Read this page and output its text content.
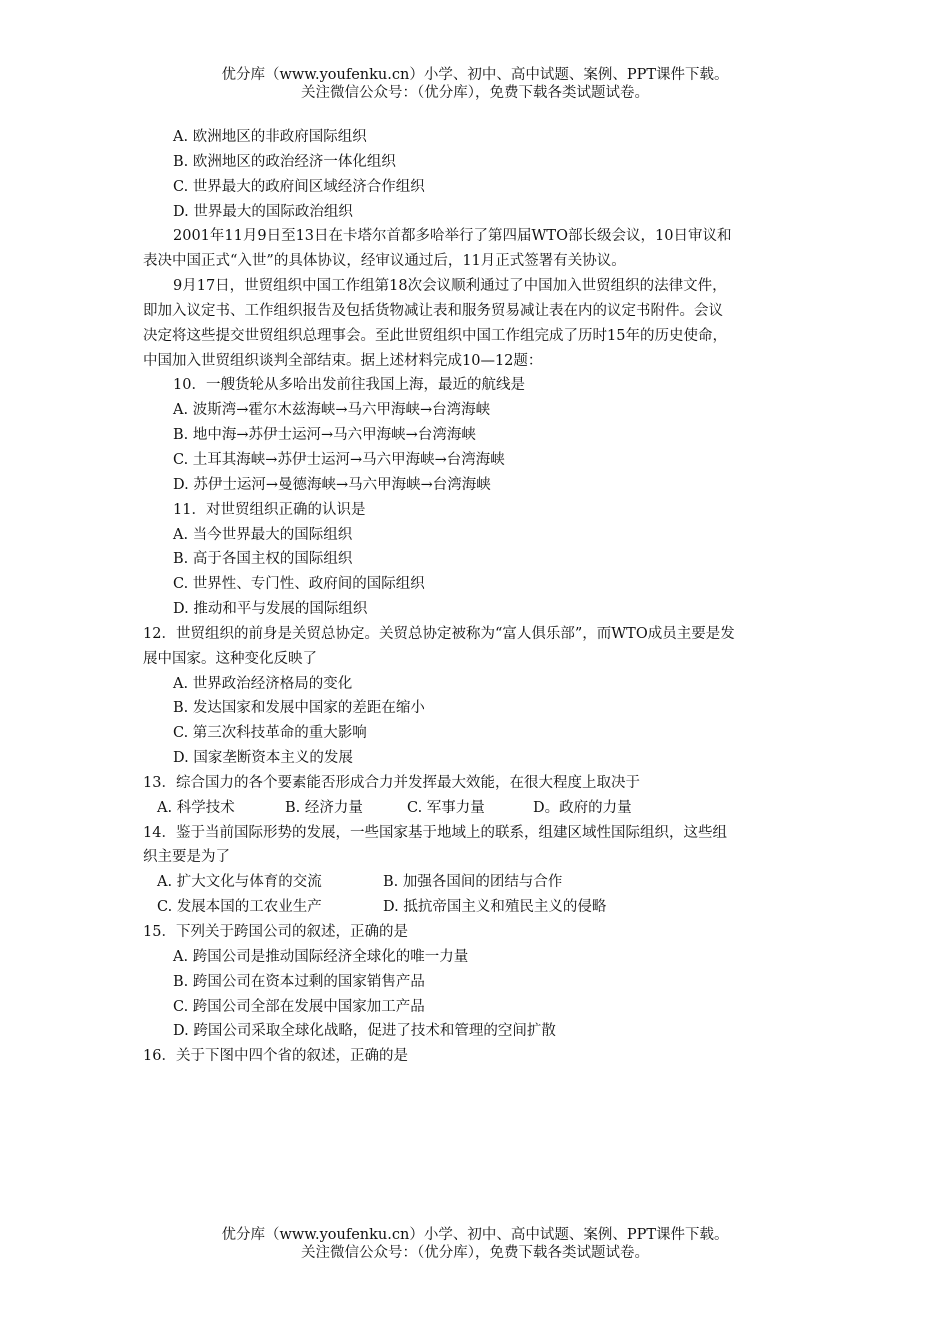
优分库（www.youfenku.cn）小学、初中、高中试题、案例、PPT课件下载。
关注微信公众号：（优分库），免费下载各类试题试卷。
A. 欧洲地区的非政府国际组织
B. 欧洲地区的政治经济一体化组织
C. 世界最大的政府间区域经济合作组织
D. 世界最大的国际政治组织
2001年11月9日至13日在卡塔尔首都多哈举行了第四届WTO部长级会议，10日审议和
表决中国正式“入世”的具体协议，经审议通过后，11月正式签署有关协议。
9月17日，世贸组织中国工作组第18次会议顺利通过了中国加入世贸组织的法律文件，
即加入议定书、工作组织报告及包括货物减让表和服务贸易减让表在内的议定书附件。会议
决定将这些提交世贸组织总理事会。至此世贸组织中国工作组完成了历时15年的历史使命，
中国加入世贸组织谈判全部结束。据上述材料完成10—12题：
10．一艘货轮从多哈出发前往我国上海，最近的航线是
A. 波斯湾→霍尔木兹海峡→马六甲海峡→台湾海峡
B. 地中海→苏伊士运河→马六甲海峡→台湾海峡
C. 土耳其海峡→苏伊士运河→马六甲海峡→台湾海峡
D. 苏伊士运河→曼德海峡→马六甲海峡→台湾海峡
11．对世贸组织正确的认识是
A. 当今世界最大的国际组织
B. 高于各国主权的国际组织
C. 世界性、专门性、政府间的国际组织
D. 推动和平与发展的国际组织
12．世贸组织的前身是关贸总协定。关贸总协定被称为“富人俱乐部”，而WTO成员主要是发
展中国家。这种变化反映了
A. 世界政治经济格局的变化
B. 发达国家和发展中国家的差距在缩小
C. 第三次科技革命的重大影响
D. 国家垄断资本主义的发展
13．综合国力的各个要素能否形成合力并发挥最大效能，在很大程度上取决于
A. 科学技术	B. 经济力量	C. 军事力量	D。政府的力量
14．鉴于当前国际形势的发展，一些国家基于地域上的联系，组建区域性国际组织，这些组
织主要是为了
A. 扩大文化与体育的交流	B. 加强各国间的团结与合作
C. 发展本国的工农业生产	D. 抵抗帝国主义和殖民主义的侵略
15．下列关于跨国公司的叙述，正确的是
A. 跨国公司是推动国际经济全球化的唯一力量
B. 跨国公司在资本过剩的国家销售产品
C. 跨国公司全部在发展中国家加工产品
D. 跨国公司采取全球化战略，促进了技术和管理的空间扩散
16．关于下图中四个省的叙述，正确的是
优分库（www.youfenku.cn）小学、初中、高中试题、案例、PPT课件下载。
关注微信公众号：（优分库），免费下载各类试题试卷。
